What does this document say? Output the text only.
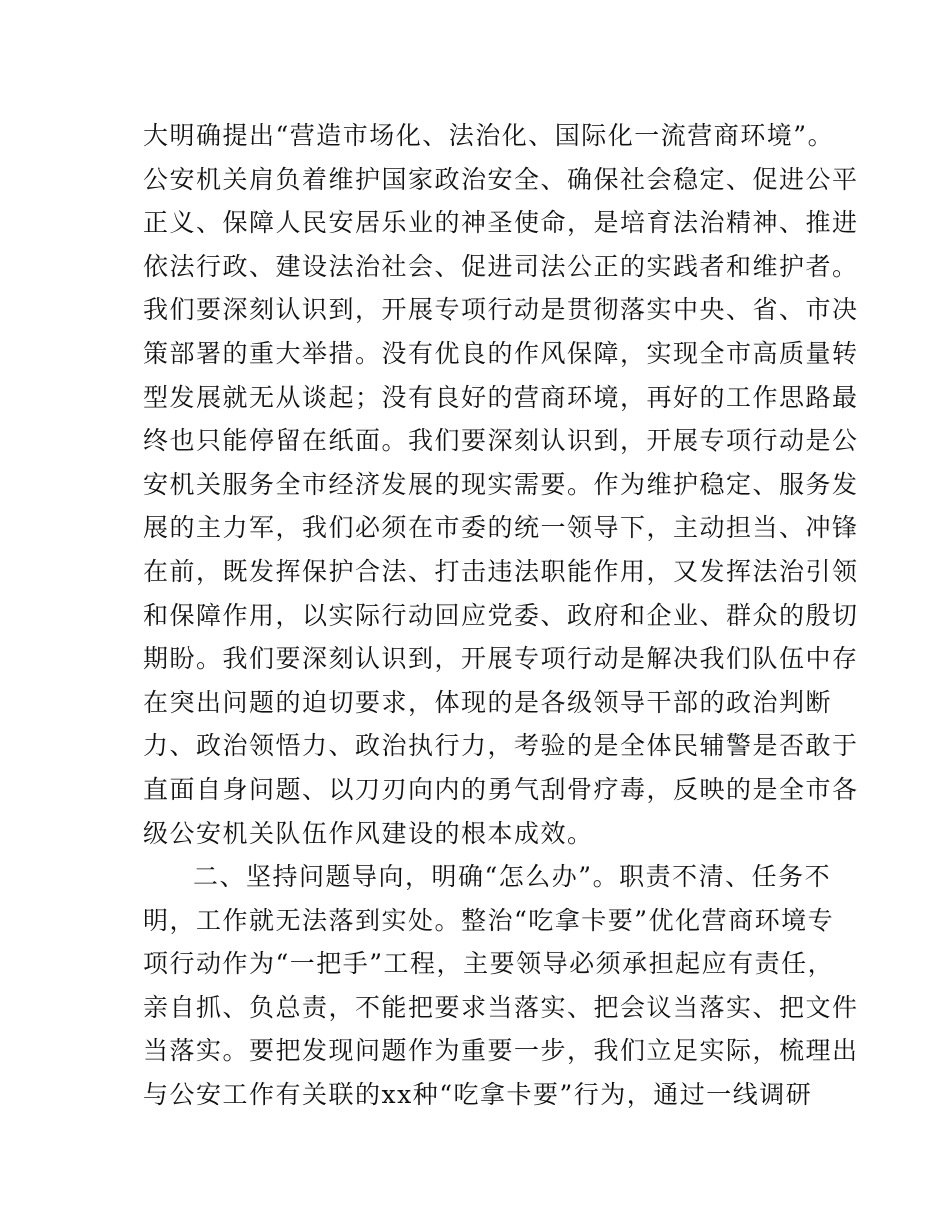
大明确提出“营造市场化、法治化、国际化一流营商环境”。
公安机关肩负着维护国家政治安全、确保社会稳定、促进公平
正义、保障人民安居乐业的神圣使命，是培育法治精神、推进
依法行政、建设法治社会、促进司法公正的实践者和维护者。
我们要深刻认识到，开展专项行动是贯彻落实中央、省、市决
策部署的重大举措。没有优良的作风保障，实现全市高质量转
型发展就无从谈起；没有良好的营商环境，再好的工作思路最
终也只能停留在纸面。我们要深刻认识到，开展专项行动是公
安机关服务全市经济发展的现实需要。作为维护稳定、服务发
展的主力军，我们必须在市委的统一领导下，主动担当、冲锋
在前，既发挥保护合法、打击违法职能作用，又发挥法治引领
和保障作用，以实际行动回应党委、政府和企业、群众的殷切
期盼。我们要深刻认识到，开展专项行动是解决我们队伍中存
在突出问题的迫切要求，体现的是各级领导干部的政治判断
力、政治领悟力、政治执行力，考验的是全体民辅警是否敢于
直面自身问题、以刀刃向内的勇气刮骨疗毒，反映的是全市各
级公安机关队伍作风建设的根本成效。
二、坚持问题导向，明确“怎么办”。职责不清、任务不
明，工作就无法落到实处。整治“吃拿卡要”优化营商环境专
项行动作为“一把手”工程，主要领导必须承担起应有责任，
亲自抓、负总责，不能把要求当落实、把会议当落实、把文件
当落实。要把发现问题作为重要一步，我们立足实际，梳理出
与公安工作有关联的xx种“吃拿卡要”行为，通过一线调研
